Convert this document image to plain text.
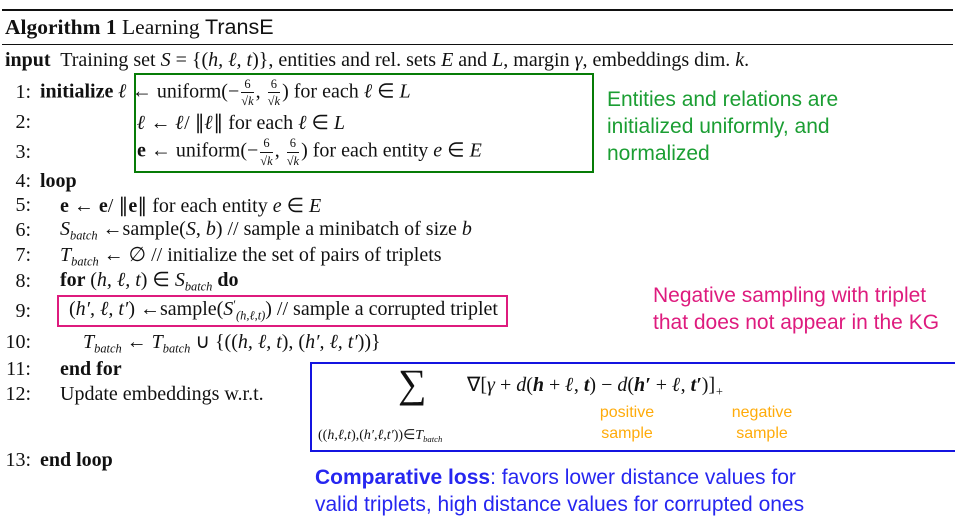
Algorithm 1 Learning TransE
input  Training set S = {(h, ℓ, t)}, entities and rel. sets E and L, margin γ, embeddings dim. k.
1: initialize ℓ ← uniform(− $\frac{6}{√k}$ , $\frac{6}{√k}$ ) for each ℓ ∈ L
2:	ℓ ← ℓ/ ∥ℓ∥ for each ℓ ∈ L
3:	e ← uniform(− $\frac{6}{√k}$ , $\frac{6}{√k}$ ) for each entity e ∈ E
4: loop
5: e ← e/ ∥e∥ for each entity e ∈ E
6: $S_{batch}$ ←sample(S, b) // sample a minibatch of size b
7: $T_{batch}$ ← ∅ // initialize the set of pairs of triplets
8: for (h, ℓ, t) ∈ $S_{batch}$ do
9: (h′, ℓ, t′) $\leftarrow sample(S'_{(h,\ell,t)})$ // sample a corrupted triplet
10:	$T_{batch}$ ← $T_{batch}$ ∪ {((h, ℓ, t), (h′, ℓ, t′))}
11: end for
12: Update embeddings w.r.t.
13: end loop
∑
$((h,\ell,t),(h',\ell,t'))\in T_{batch}$
∇[γ + d(h + ℓ, t) − d(h′ + ℓ, $t')]_+$
positive
sample
negative
sample
Entities and relations are
initialized uniformly, and
normalized
Negative sampling with triplet
that does not appear in the KG
Comparative loss: favors lower distance values for
valid triplets, high distance values for corrupted ones
